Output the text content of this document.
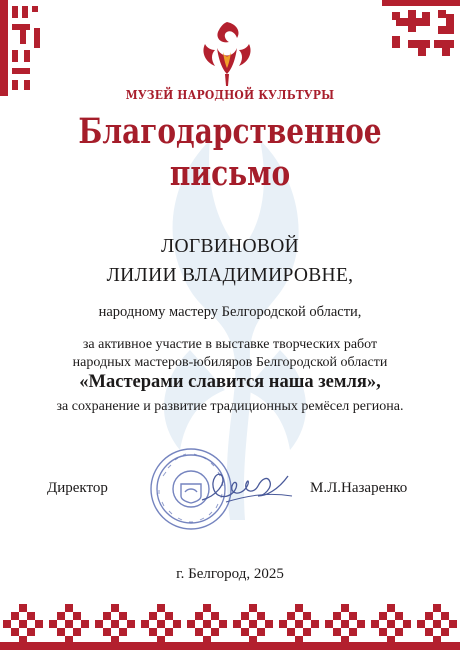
МУЗЕЙ НАРОДНОЙ КУЛЬТУРЫ
Благодарственное
письмо
ЛОГВИНОВОЙ
ЛИЛИИ ВЛАДИМИРОВНЕ,
народному мастеру Белгородской области,
за активное участие в выставке творческих работ
народных мастеров-юбиляров Белгородской области
«Мастерами славится наша земля»,
за сохранение и развитие традиционных ремёсел региона.
Директор	М.Л.Назаренко
г. Белгород, 2025
